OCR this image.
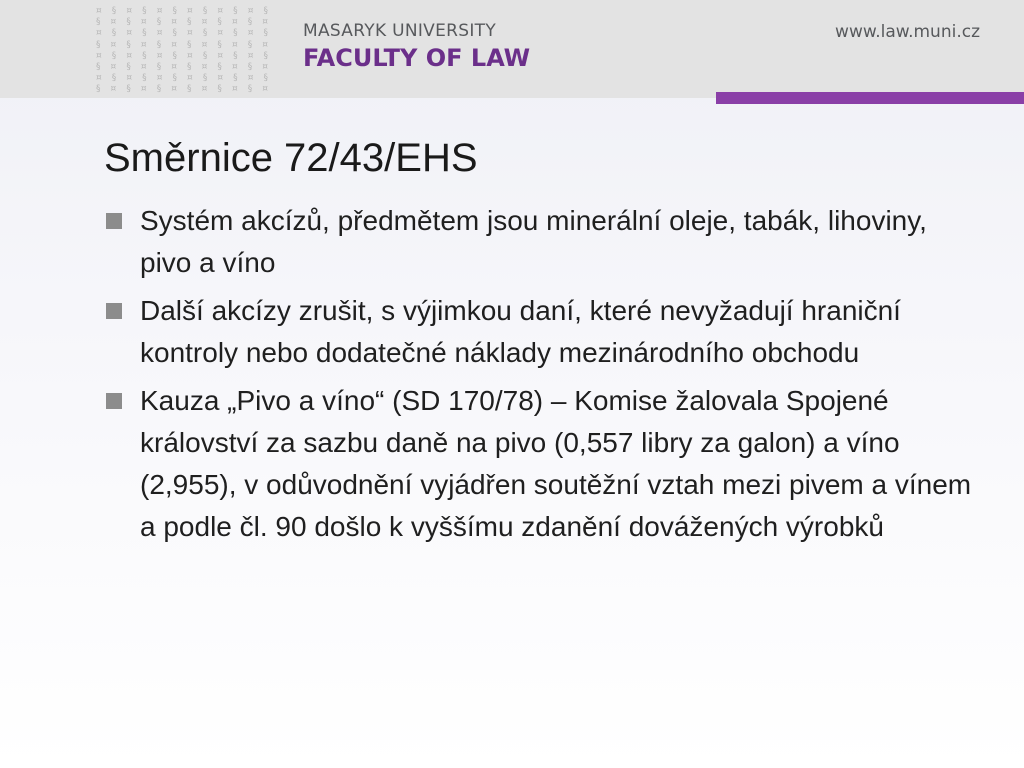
¤ § ¤ § ¤ § ¤ § ¤ § ¤ §
§ ¤ § ¤ § ¤ § ¤ § ¤ § ¤
¤ § ¤ § ¤ § ¤ § ¤ § ¤ §
§ ¤ § ¤ § ¤ § ¤ § ¤ § ¤
¤ § ¤ § ¤ § ¤ § ¤ § ¤ §
§ ¤ § ¤ § ¤ § ¤ § ¤ § ¤
¤ § ¤ § ¤ § ¤ § ¤ § ¤ §
§ ¤ § ¤ § ¤ § ¤ § ¤ § ¤
MASARYK UNIVERSITY
FACULTY OF LAW
www.law.muni.cz
Směrnice 72/43/EHS
Systém akcízů, předmětem jsou minerální oleje, tabák, lihoviny, pivo a víno
Další akcízy zrušit, s výjimkou daní, které nevyžadují hraniční kontroly nebo dodatečné náklady mezinárodního obchodu
Kauza „Pivo a víno“ (SD 170/78) – Komise žalovala Spojené království za sazbu daně na pivo (0,557 libry za galon) a víno (2,955), v odůvodnění vyjádřen soutěžní vztah mezi pivem a vínem a podle čl. 90 došlo k vyššímu zdanění dovážených výrobků
